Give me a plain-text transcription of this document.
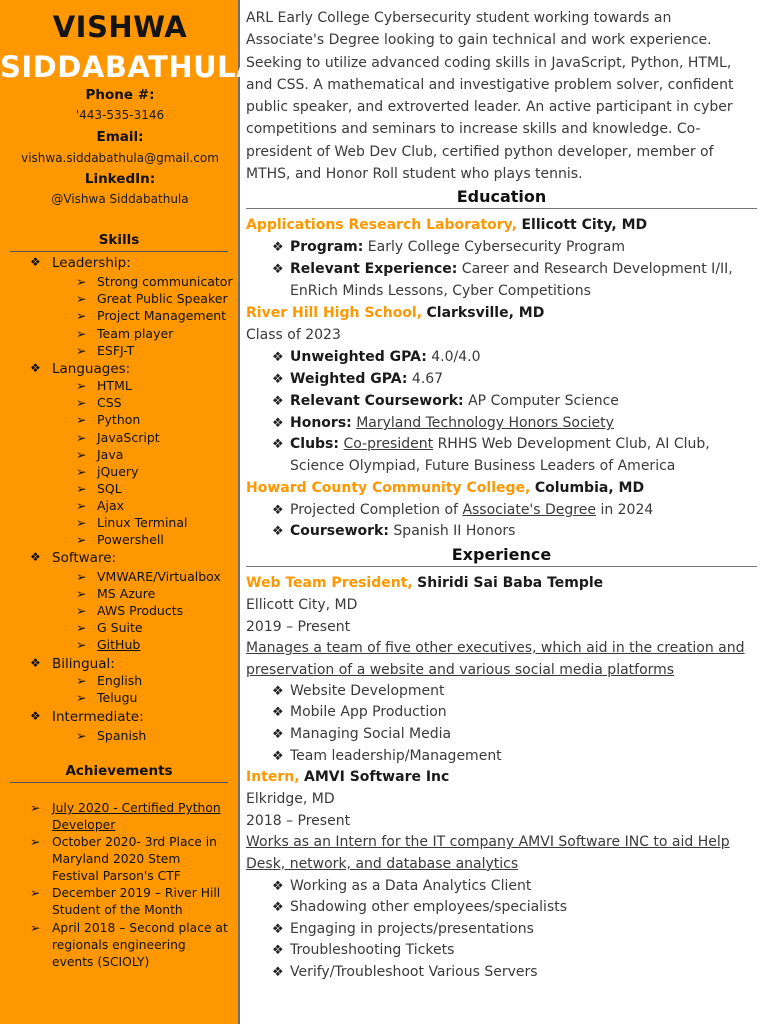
VISHWA
SIDDABATHULA
Phone #:
'443-535-3146
Email:
vishwa.siddabathula@gmail.com
LinkedIn:
@Vishwa Siddabathula
Skills
❖ Leadership:
➢ Strong communicator
➢ Great Public Speaker
➢ Project Management
➢ Team player
➢ ESFJ-T
❖ Languages:
➢ HTML
➢ CSS
➢ Python
➢ JavaScript
➢ Java
➢ jQuery
➢ SQL
➢ Ajax
➢ Linux Terminal
➢ Powershell
❖ Software:
➢ VMWARE/Virtualbox
➢ MS Azure
➢ AWS Products
➢ G Suite
➢ GitHub
❖ Bilingual:
➢ English
➢ Telugu
❖ Intermediate:
➢ Spanish
Achievements
➢ July 2020 - Certified Python Developer
➢ October 2020- 3rd Place in Maryland 2020 Stem Festival Parson's CTF
➢ December 2019 – River Hill Student of the Month
➢ April 2018 – Second place at regionals engineering events (SCIOLY)
ARL Early College Cybersecurity student working towards an Associate's Degree looking to gain technical and work experience. Seeking to utilize advanced coding skills in JavaScript, Python, HTML, and CSS. A mathematical and investigative problem solver, confident public speaker, and extroverted leader. An active participant in cyber competitions and seminars to increase skills and knowledge. Co-president of Web Dev Club, certified python developer, member of MTHS, and Honor Roll student who plays tennis.
Education
Applications Research Laboratory, Ellicott City, MD
❖ Program: Early College Cybersecurity Program
❖ Relevant Experience: Career and Research Development I/II, EnRich Minds Lessons, Cyber Competitions
River Hill High School, Clarksville, MD
Class of 2023
❖ Unweighted GPA: 4.0/4.0
❖ Weighted GPA: 4.67
❖ Relevant Coursework: AP Computer Science
❖ Honors: Maryland Technology Honors Society
❖ Clubs: Co-president RHHS Web Development Club, AI Club, Science Olympiad, Future Business Leaders of America
Howard County Community College, Columbia, MD
❖ Projected Completion of Associate's Degree in 2024
❖ Coursework: Spanish II Honors
Experience
Web Team President, Shiridi Sai Baba Temple
Ellicott City, MD
2019 – Present
Manages a team of five other executives, which aid in the creation and preservation of a website and various social media platforms
❖ Website Development
❖ Mobile App Production
❖ Managing Social Media
❖ Team leadership/Management
Intern, AMVI Software Inc
Elkridge, MD
2018 – Present
Works as an Intern for the IT company AMVI Software INC to aid Help Desk, network, and database analytics
❖ Working as a Data Analytics Client
❖ Shadowing other employees/specialists
❖ Engaging in projects/presentations
❖ Troubleshooting Tickets
❖ Verify/Troubleshoot Various Servers
